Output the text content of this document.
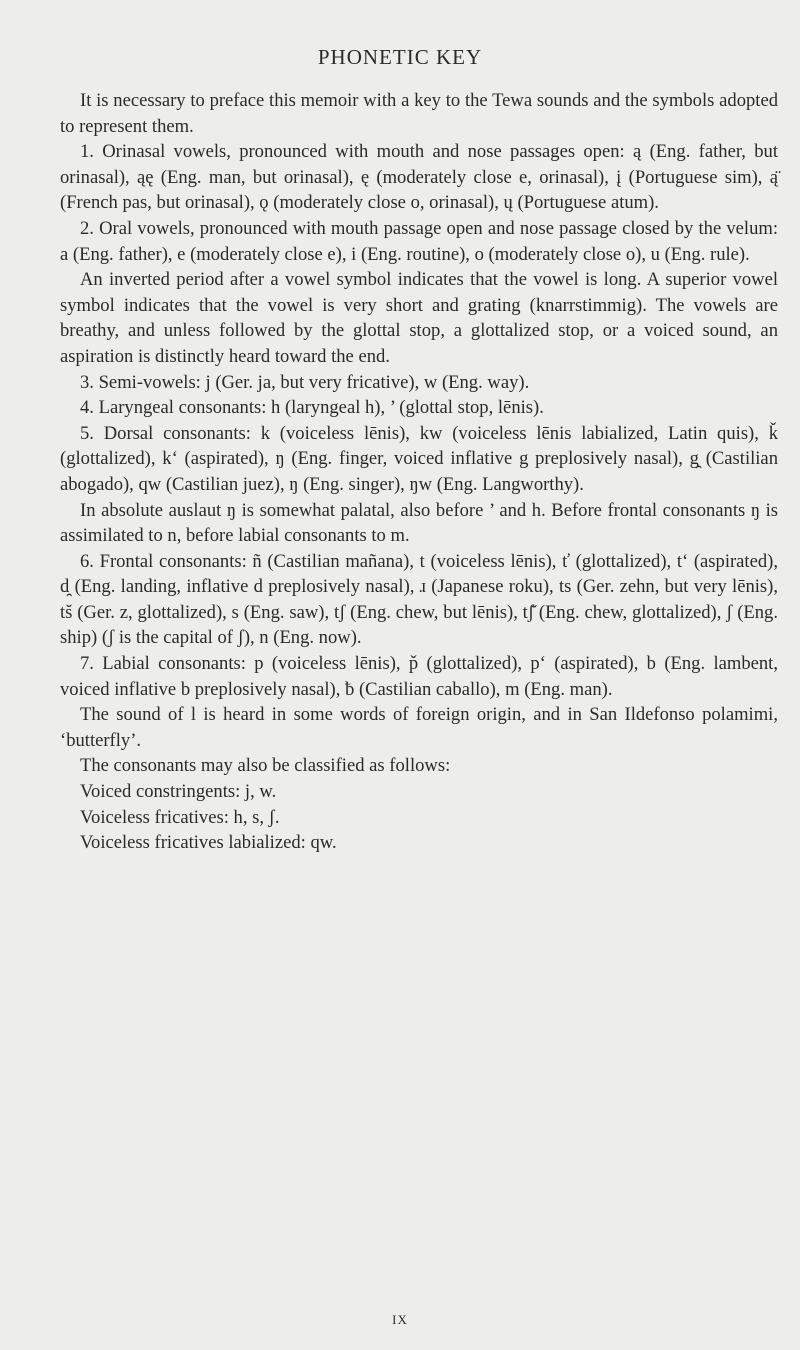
PHONETIC KEY

It is necessary to preface this memoir with a key to the Tewa sounds and the symbols adopted to represent them.

1. Orinasal vowels, pronounced with mouth and nose passages open: ą (Eng. father, but orinasal), ąę (Eng. man, but orinasal), ę (moderately close e, orinasal), į (Portuguese sim), ą̈ (French pas, but orinasal), ǫ (moderately close o, orinasal), ų (Portuguese atum).

2. Oral vowels, pronounced with mouth passage open and nose passage closed by the velum: a (Eng. father), e (moderately close e), i (Eng. routine), o (moderately close o), u (Eng. rule).

An inverted period after a vowel symbol indicates that the vowel is long. A superior vowel symbol indicates that the vowel is very short and grating (knarrstimmig). The vowels are breathy, and unless followed by the glottal stop, a glottalized stop, or a voiced sound, an aspiration is distinctly heard toward the end.

3. Semi-vowels: j (Ger. ja, but very fricative), w (Eng. way).

4. Laryngeal consonants: h (laryngeal h), ’ (glottal stop, lēnis).

5. Dorsal consonants: k (voiceless lēnis), kw (voiceless lēnis labialized, Latin quis), ǩ (glottalized), k‘ (aspirated), ŋ (Eng. finger, voiced inflative g preplosively nasal), g̯ (Castilian abogado), qw (Castilian juez), ŋ (Eng. singer), ŋw (Eng. Langworthy).

In absolute auslaut ŋ is somewhat palatal, also before ’ and h. Before frontal consonants ŋ is assimilated to n, before labial consonants to m.

6. Frontal consonants: ñ (Castilian mañana), t (voiceless lēnis), ť (glottalized), t‘ (aspirated), d̯ (Eng. landing, inflative d preplosively nasal), ɹ (Japanese roku), ts (Ger. zehn, but very lēnis), ts̆ (Ger. z, glottalized), s (Eng. saw), tʃ (Eng. chew, but lēnis), tʃ̆ (Eng. chew, glottalized), ʃ (Eng. ship) (ʃ is the capital of ʃ), n (Eng. now).

7. Labial consonants: p (voiceless lēnis), p̌ (glottalized), p‘ (aspirated), b (Eng. lambent, voiced inflative b preplosively nasal), ƀ (Castilian caballo), m (Eng. man).

The sound of l is heard in some words of foreign origin, and in San Ildefonso polamimi, ‘butterfly’.

The consonants may also be classified as follows:

Voiced constringents: j, w.

Voiceless fricatives: h, s, ʃ.

Voiceless fricatives labialized: qw.

IX
